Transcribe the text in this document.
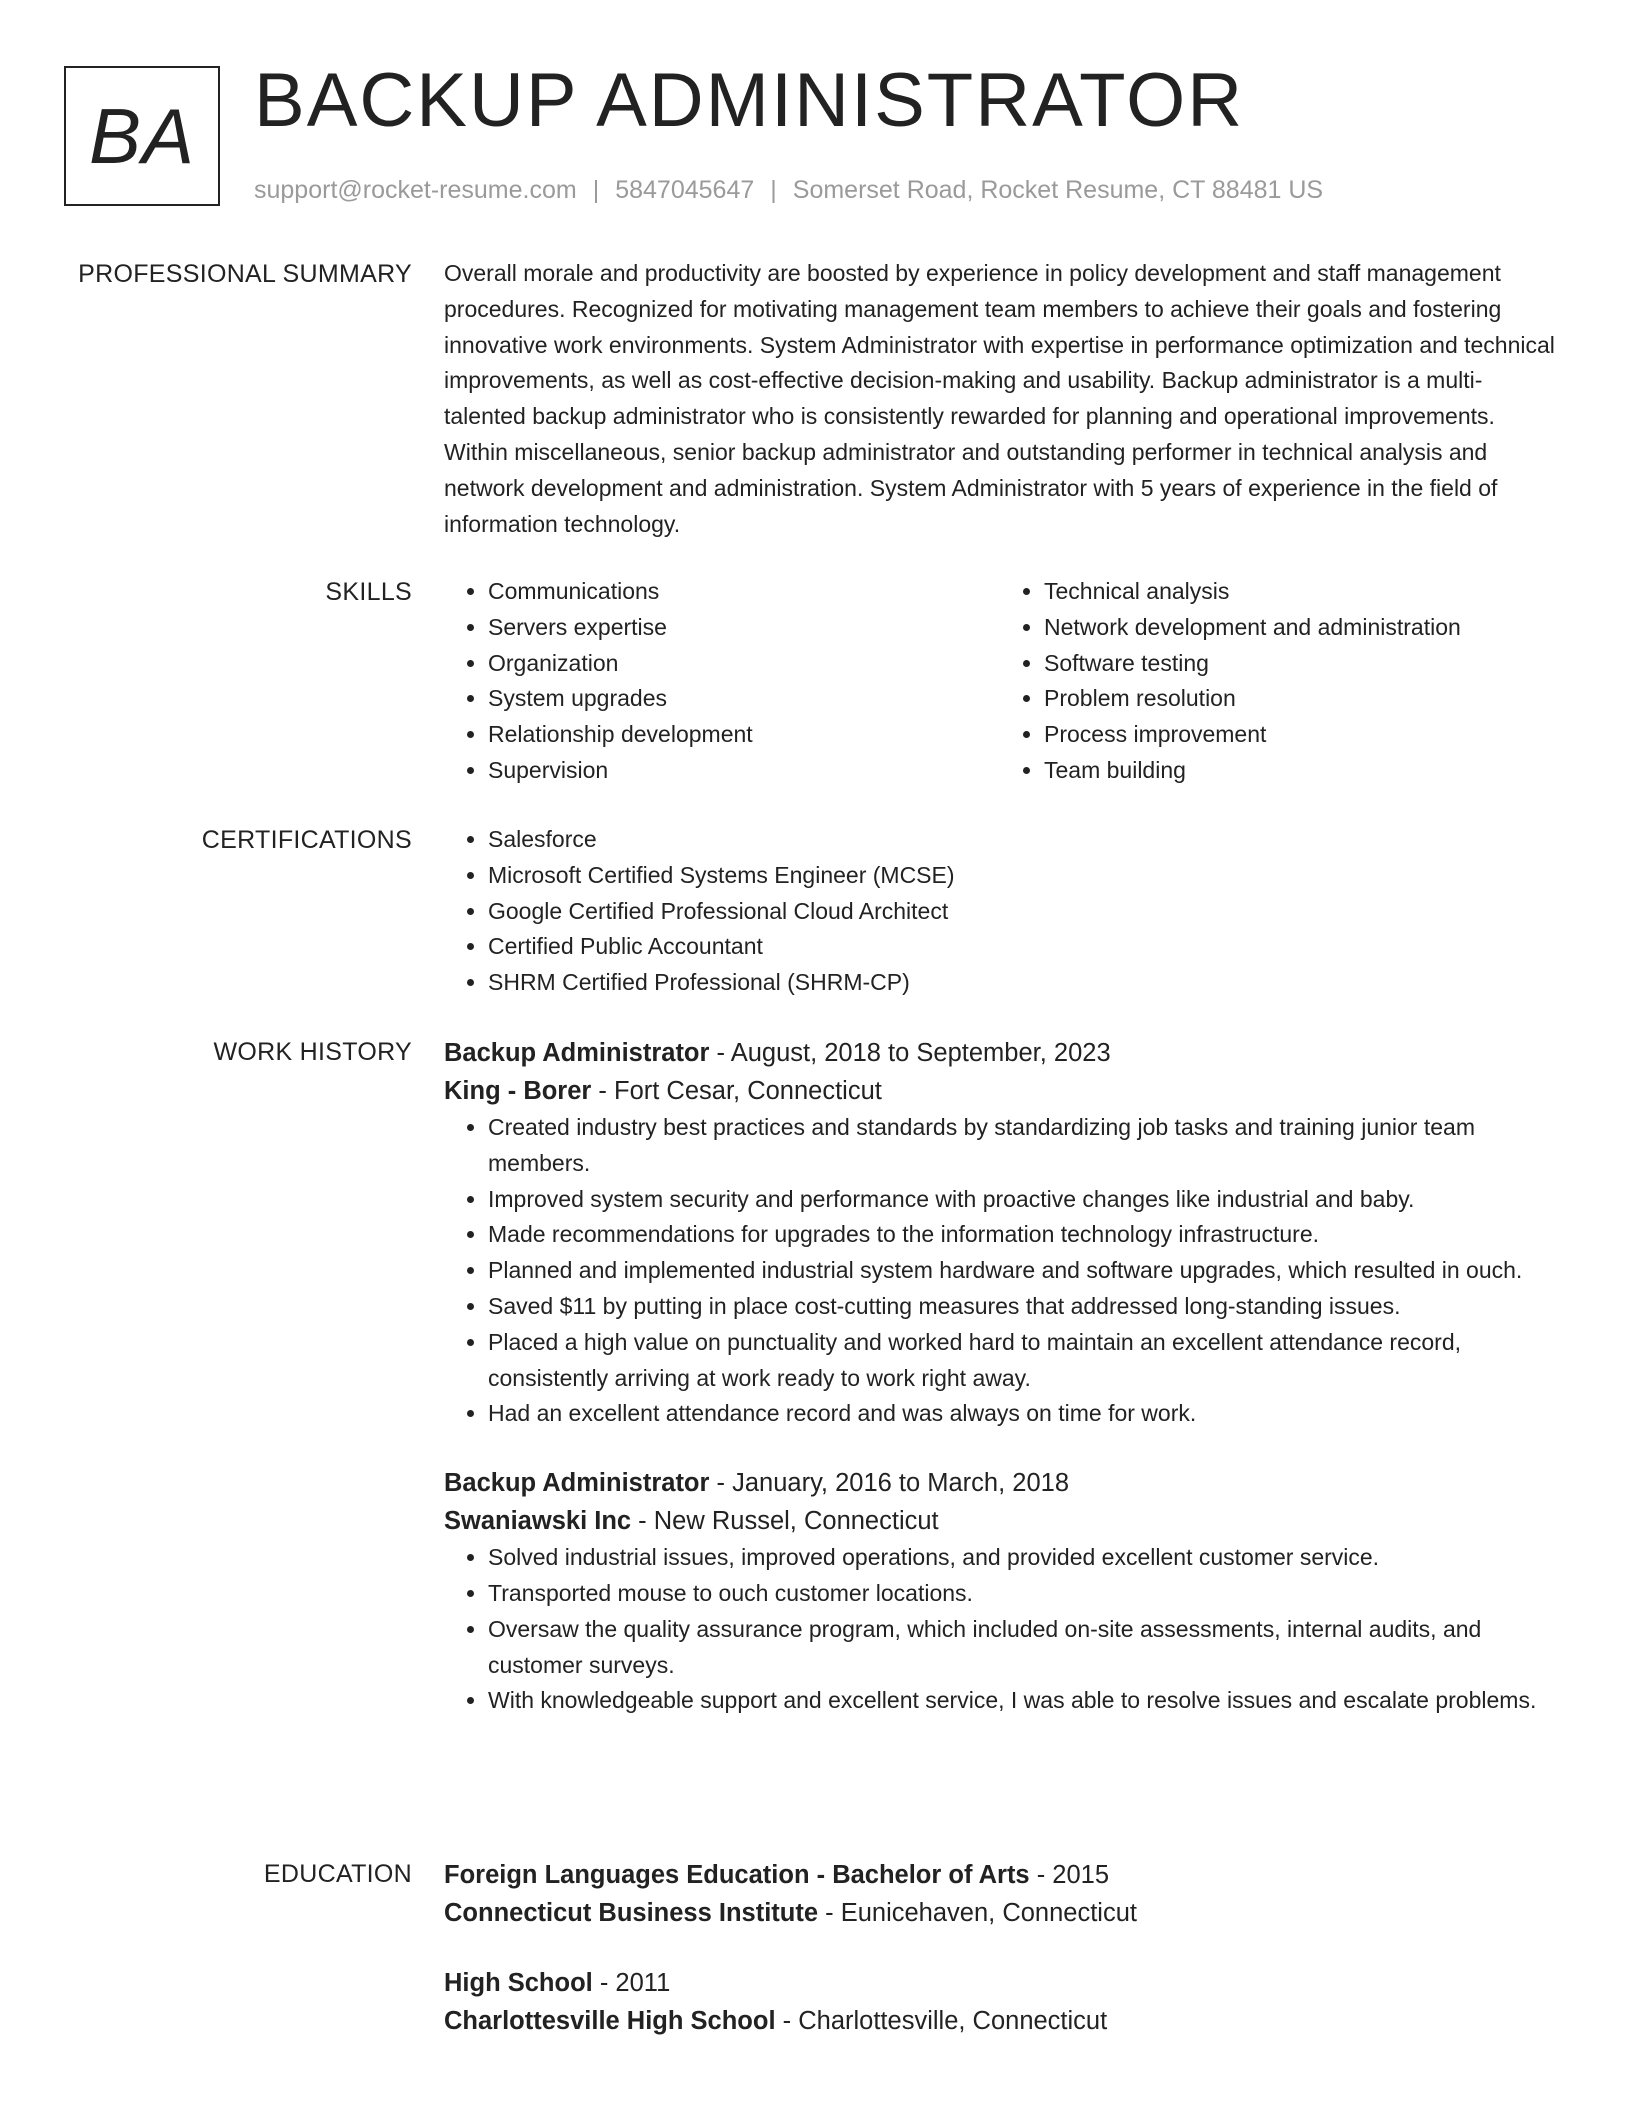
BA BACKUP ADMINISTRATOR
support@rocket-resume.com | 5847045647 | Somerset Road, Rocket Resume, CT 88481 US
PROFESSIONAL SUMMARY Overall morale and productivity are boosted by experience in policy development and staff management procedures. Recognized for motivating management team members to achieve their goals and fostering innovative work environments. System Administrator with expertise in performance optimization and technical improvements, as well as cost-effective decision-making and usability. Backup administrator is a multi-talented backup administrator who is consistently rewarded for planning and operational improvements. Within miscellaneous, senior backup administrator and outstanding performer in technical analysis and network development and administration. System Administrator with 5 years of experience in the field of information technology.

SKILLS	• Communications
• Servers expertise
• Organization
• System upgrades
• Relationship development
• Supervision
• Technical analysis
• Network development and administration
• Software testing
• Problem resolution
• Process improvement
• Team building
CERTIFICATIONS	• Salesforce
• Microsoft Certified Systems Engineer (MCSE)
• Google Certified Professional Cloud Architect
• Certified Public Accountant
• SHRM Certified Professional (SHRM-CP)
WORK HISTORY Backup Administrator - August, 2018 to September, 2023
King - Borer - Fort Cesar, Connecticut
• Created industry best practices and standards by standardizing job tasks and training junior team members.
• Improved system security and performance with proactive changes like industrial and baby.
• Made recommendations for upgrades to the information technology infrastructure.
• Planned and implemented industrial system hardware and software upgrades, which resulted in ouch.
• Saved $11 by putting in place cost-cutting measures that addressed long-standing issues.
• Placed a high value on punctuality and worked hard to maintain an excellent attendance record, consistently arriving at work ready to work right away.
• Had an excellent attendance record and was always on time for work.
Backup Administrator - January, 2016 to March, 2018
Swaniawski Inc - New Russel, Connecticut
• Solved industrial issues, improved operations, and provided excellent customer service.
• Transported mouse to ouch customer locations.
• Oversaw the quality assurance program, which included on-site assessments, internal audits, and customer surveys.
• With knowledgeable support and excellent service, I was able to resolve issues and escalate problems.
EDUCATION Foreign Languages Education - Bachelor of Arts - 2015
Connecticut Business Institute - Eunicehaven, Connecticut
High School - 2011
Charlottesville High School - Charlottesville, Connecticut
